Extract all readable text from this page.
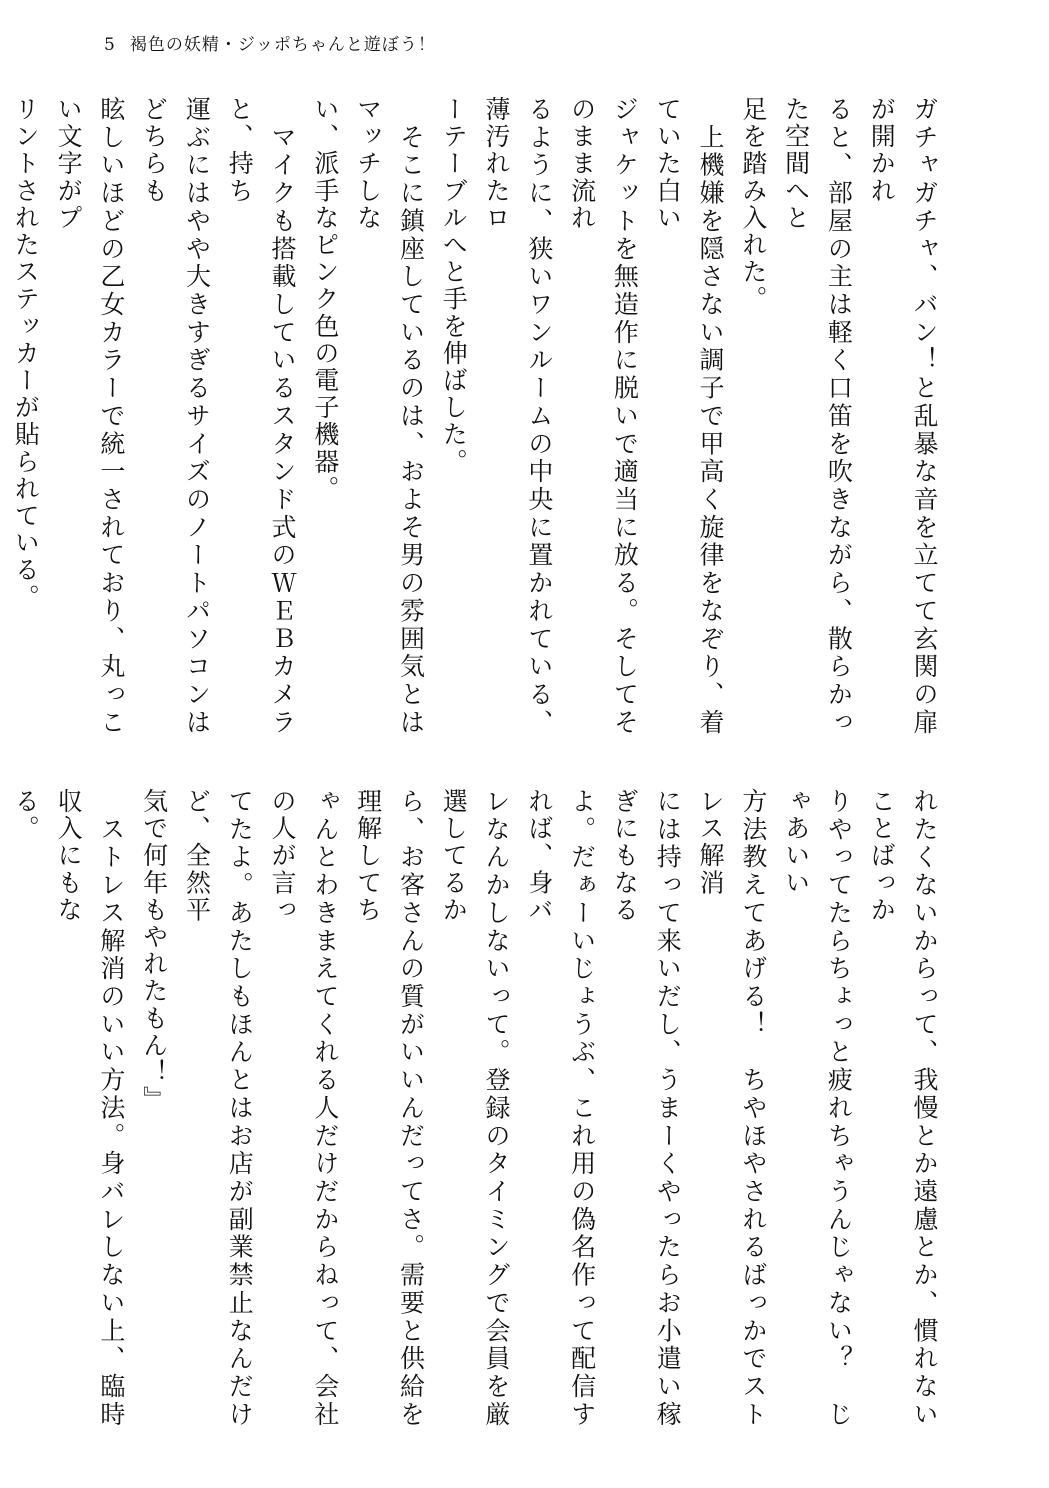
5 褐色の妖精・ジッポちゃんと遊ぼう！

ガチャガチャ、バン！と乱暴な音を立てて玄関の扉が開かれ

ると、部屋の主は軽く口笛を吹きながら、散らかった空間へと

足を踏み入れた。

　上機嫌を隠さない調子で甲高く旋律をなぞり、着ていた白い

ジャケットを無造作に脱いで適当に放る。そしてそのまま流れ

るように、狭いワンルームの中央に置かれている、薄汚れたロ

ーテーブルへと手を伸ばした。

　そこに鎮座しているのは、およそ男の雰囲気とはマッチしな

い、派手なピンク色の電子機器。

　マイクも搭載しているスタンド式のＷＥＢカメラと、持ち

運ぶにはやや大きすぎるサイズのノートパソコンはどちらも

眩しいほどの乙女カラーで統一されており、丸っこい文字がプ

リントされたステッカーが貼られている。

れたくないからって、我慢とか遠慮とか、慣れないことばっか

りやってたらちょっと疲れちゃうんじゃない？　じゃあいい

方法教えてあげる！　ちやほやされるばっかでストレス解消

には持って来いだし、うまーくやったらお小遣い稼ぎにもなる

よ。だぁーいじょうぶ、これ用の偽名作って配信すれば、身バ

レなんかしないって。登録のタイミングで会員を厳選してるか

ら、お客さんの質がいいんだってさ。需要と供給を理解してち

ゃんとわきまえてくれる人だけだからねって、会社の人が言っ

てたよ。あたしもほんとはお店が副業禁止なんだけど、全然平

気で何年もやれたもん！』

　ストレス解消のいい方法。身バレしない上、臨時収入にもな

る。
